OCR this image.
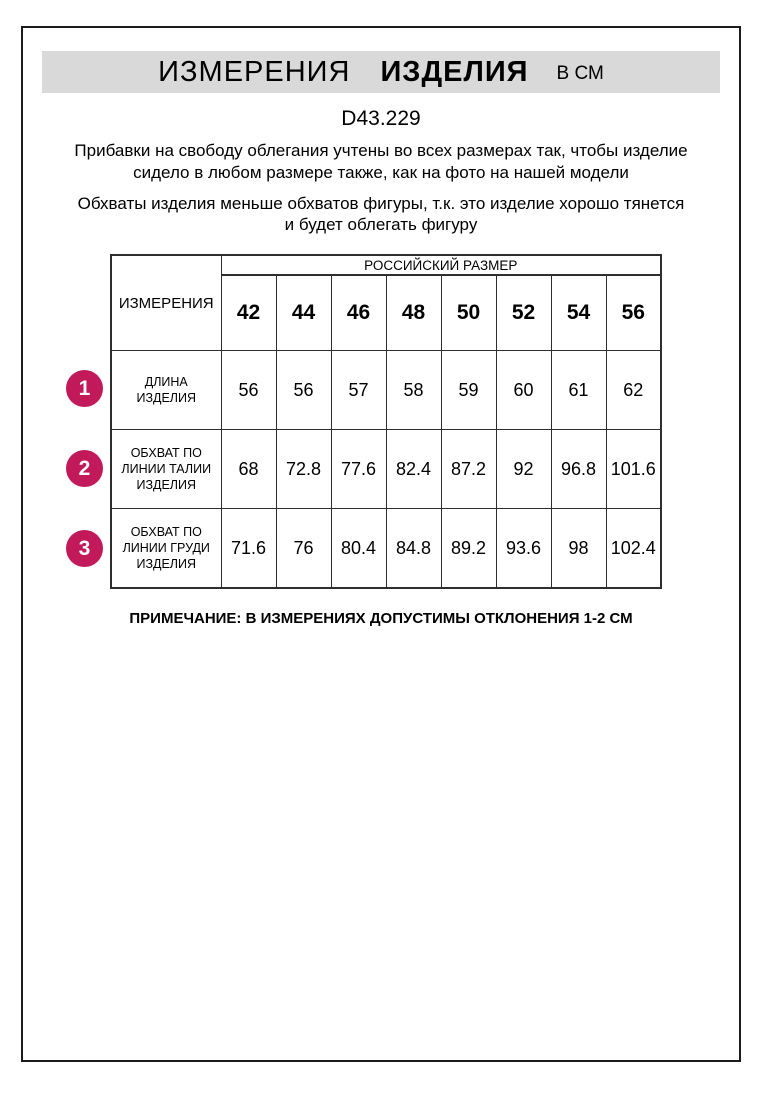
ИЗМЕРЕНИЯ ИЗДЕЛИЯ В СМ
D43.229

Прибавки на свободу облегания учтены во всех размерах так, чтобы изделие сидело в любом размере также, как на фото на нашей модели

Обхваты изделия меньше обхватов фигуры, т.к. это изделие хорошо тянется и будет облегать фигуру

1
2
3
ИЗМЕРЕНИЯ	РОССИЙСКИЙ РАЗМЕР							
	42	44	46	48	50	52	54	56
ДЛИНА ИЗДЕЛИЯ	56	56	57	58	59	60	61	62
ОБХВАТ ПО ЛИНИИ ТАЛИИ ИЗДЕЛИЯ	68	72.8	77.6	82.4	87.2	92	96.8	101.6
ОБХВАТ ПО ЛИНИИ ГРУДИ ИЗДЕЛИЯ	71.6	76	80.4	84.8	89.2	93.6	98	102.4
ПРИМЕЧАНИЕ: В ИЗМЕРЕНИЯХ ДОПУСТИМЫ ОТКЛОНЕНИЯ 1-2 СМ
